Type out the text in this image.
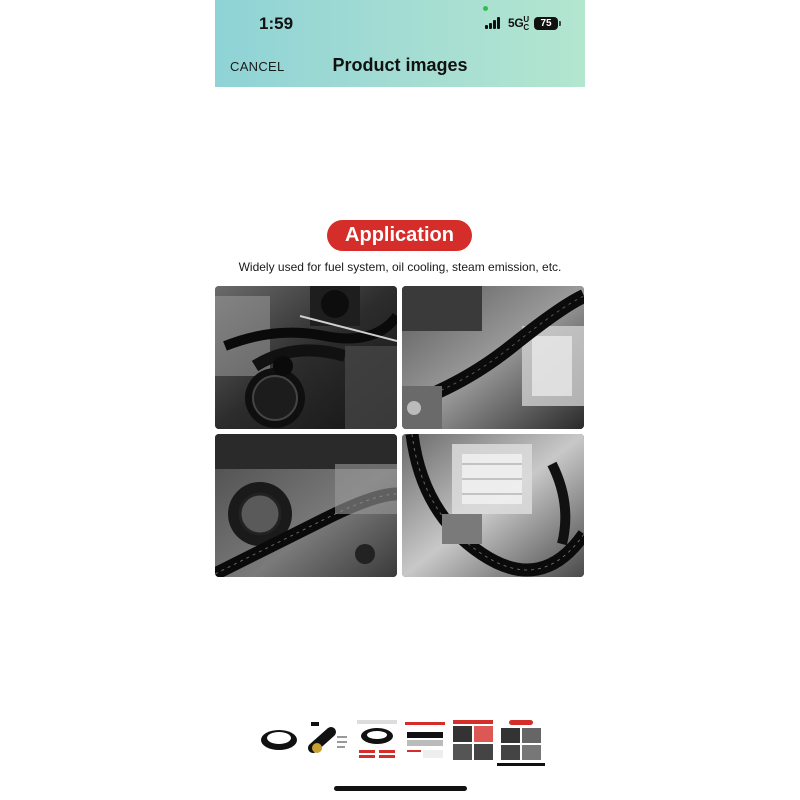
1:59	5GUC	75
CANCEL	Product images
Application
Widely used for fuel system, oil cooling, steam emission, etc.
